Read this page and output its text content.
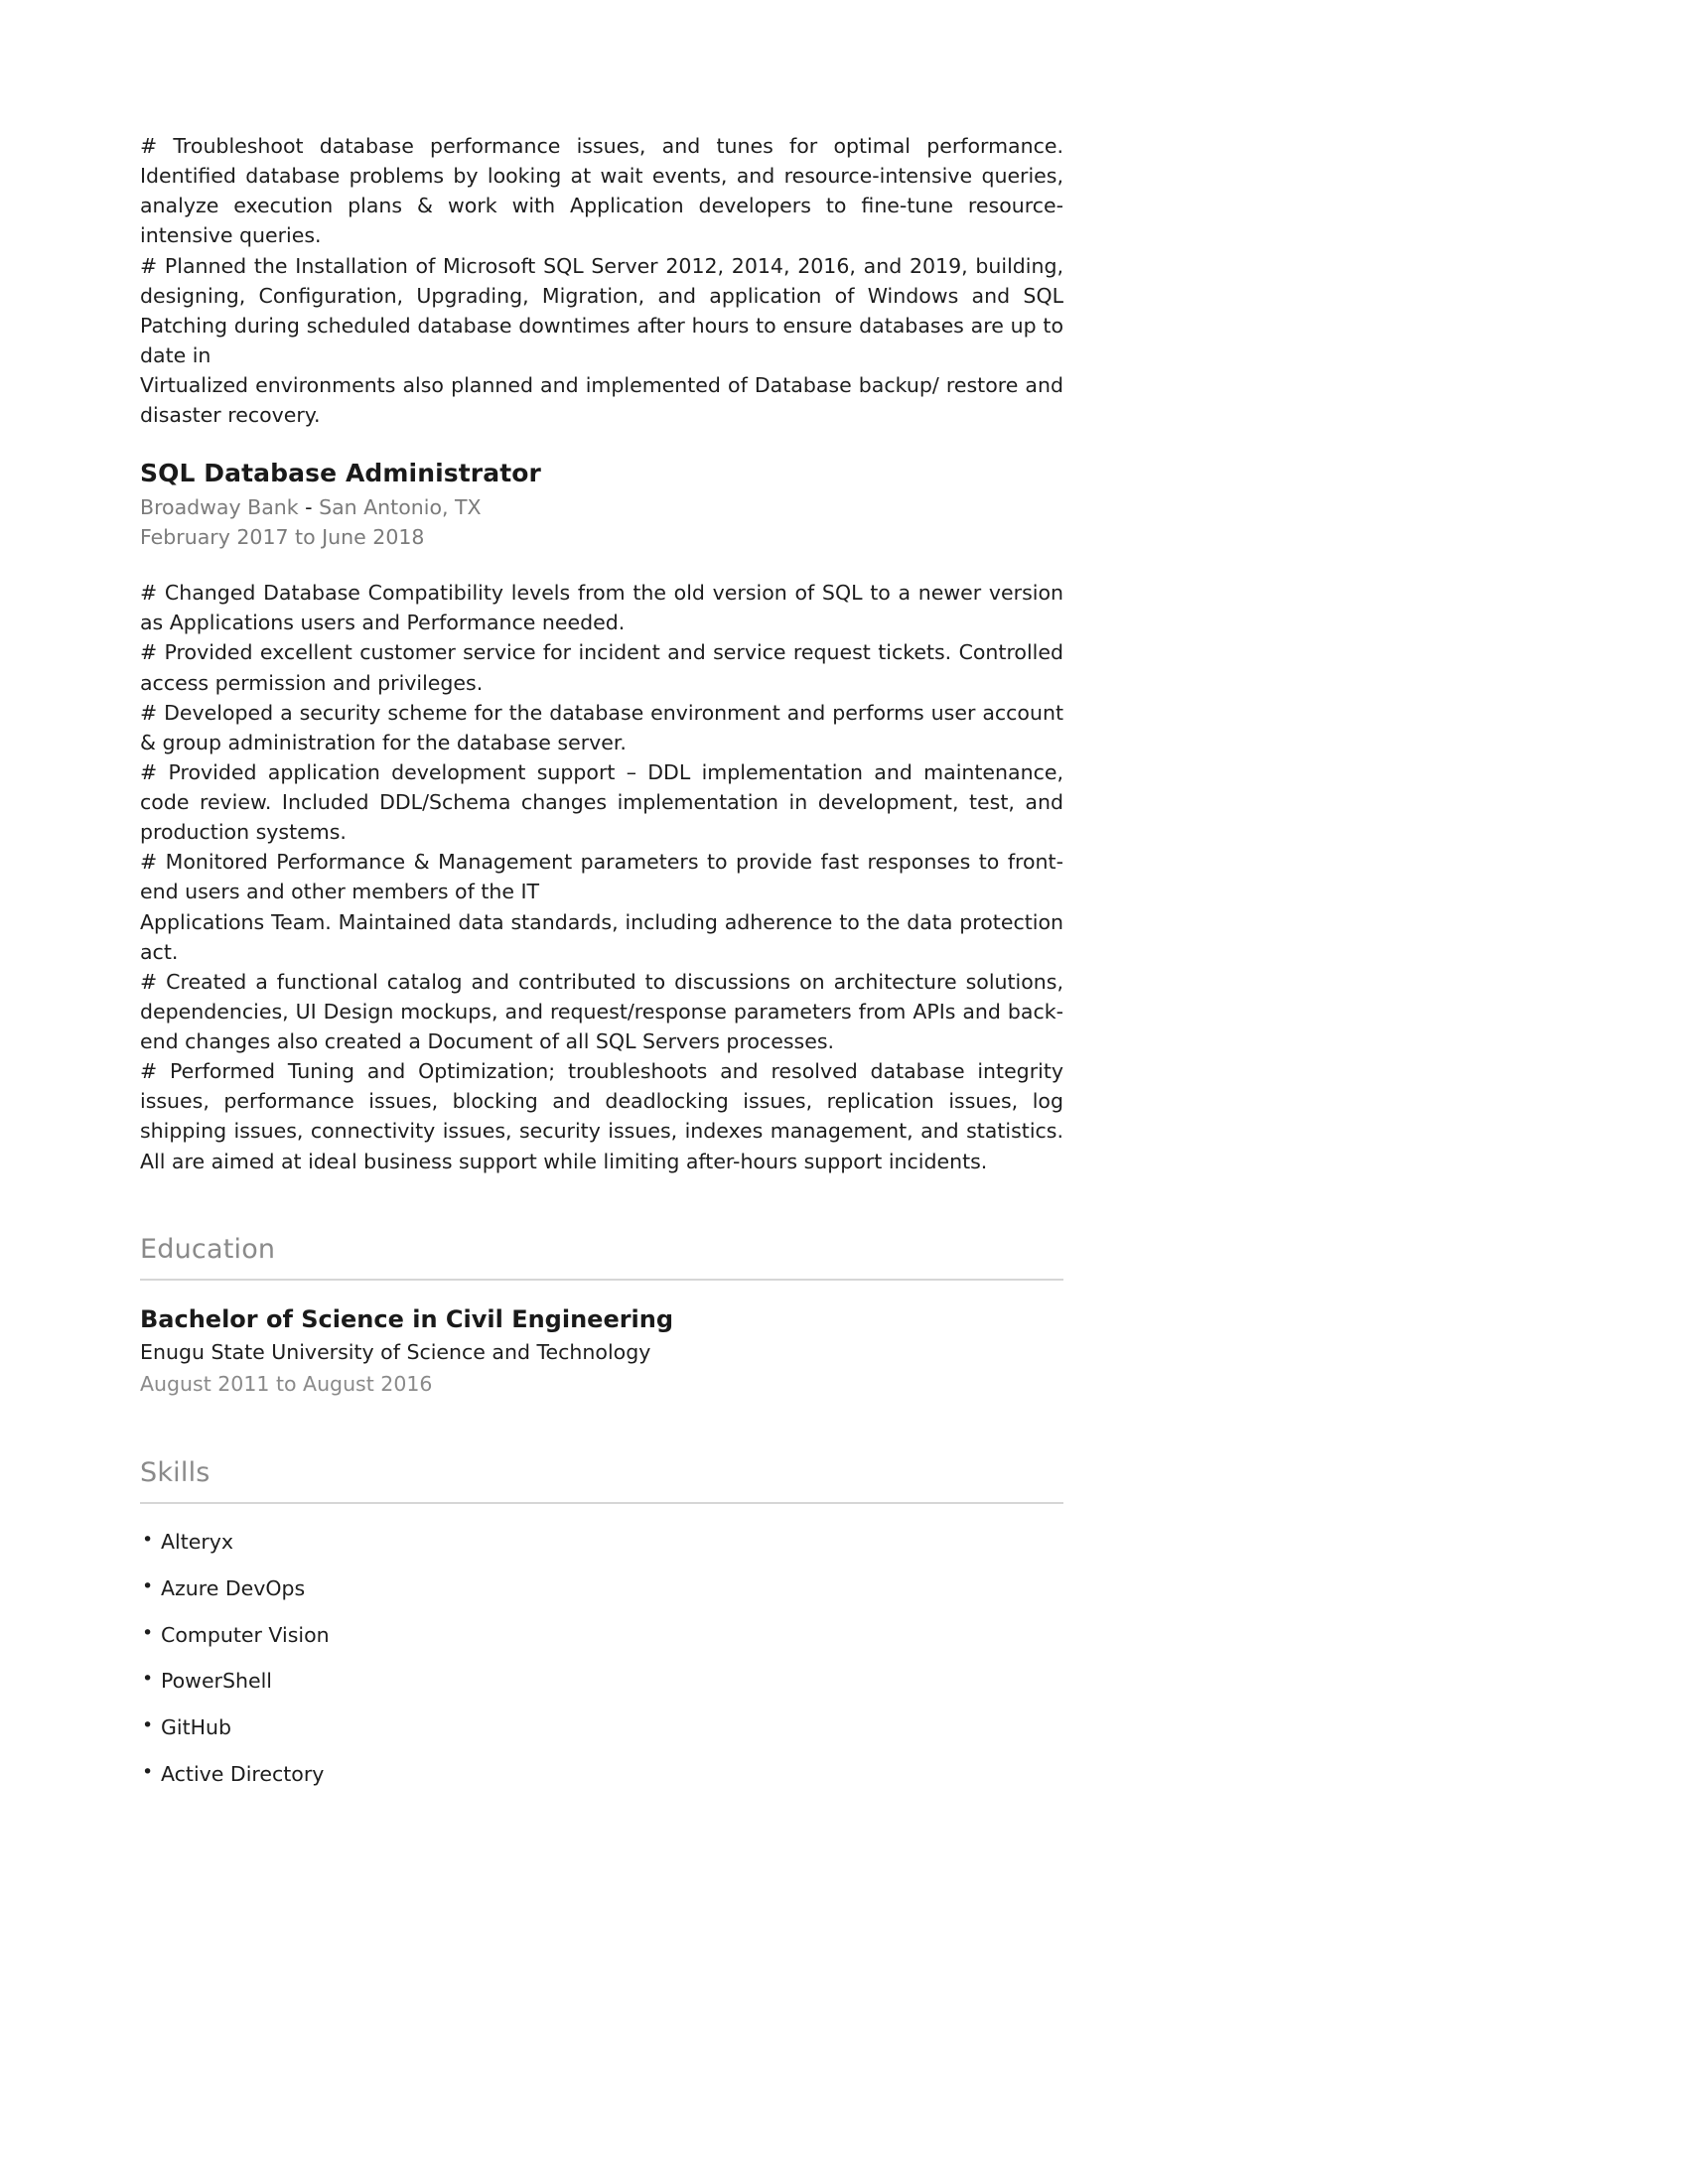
# Troubleshoot database performance issues, and tunes for optimal performance. Identified database problems by looking at wait events, and resource-intensive queries, analyze execution plans & work with Application developers to fine-tune resource-intensive queries.

# Planned the Installation of Microsoft SQL Server 2012, 2014, 2016, and 2019, building, designing, Configuration, Upgrading, Migration, and application of Windows and SQL Patching during scheduled database downtimes after hours to ensure databases are up to date in

Virtualized environments also planned and implemented of Database backup/ restore and disaster recovery.

SQL Database Administrator
Broadway Bank - San Antonio, TX
February 2017 to June 2018

# Changed Database Compatibility levels from the old version of SQL to a newer version as Applications users and Performance needed.

# Provided excellent customer service for incident and service request tickets. Controlled access permission and privileges.

# Developed a security scheme for the database environment and performs user account & group administration for the database server.

# Provided application development support – DDL implementation and maintenance, code review. Included DDL/Schema changes implementation in development, test, and production systems.

# Monitored Performance & Management parameters to provide fast responses to front-end users and other members of the IT

Applications Team. Maintained data standards, including adherence to the data protection act.

# Created a functional catalog and contributed to discussions on architecture solutions, dependencies, UI Design mockups, and request/response parameters from APIs and back-end changes also created a Document of all SQL Servers processes.

# Performed Tuning and Optimization; troubleshoots and resolved database integrity issues, performance issues, blocking and deadlocking issues, replication issues, log shipping issues, connectivity issues, security issues, indexes management, and statistics. All are aimed at ideal business support while limiting after-hours support incidents.

Education
Bachelor of Science in Civil Engineering
Enugu State University of Science and Technology
August 2011 to August 2016
Skills
• Alteryx
• Azure DevOps
• Computer Vision
• PowerShell
• GitHub
• Active Directory
